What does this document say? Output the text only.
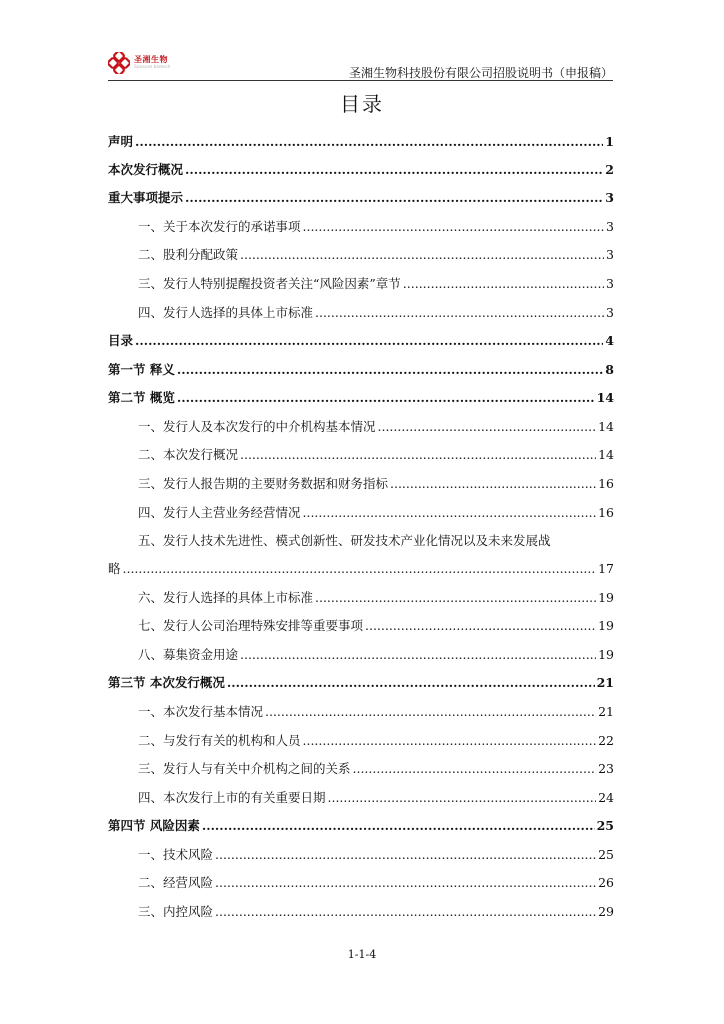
圣湘生物
Sansure biotech	圣湘生物科技股份有限公司招股说明书（申报稿）
目录
声明 .....	1
本次发行概况 .....	2
重大事项提示 .....	3
一、关于本次发行的承诺事项 .....	3
二、股利分配政策 .....	3
三、发行人特别提醒投资者关注“风险因素”章节 .....	3
四、发行人选择的具体上市标准 .....	3
目录 .....	4
第一节 释义 .....	8
第二节 概览 .....	14
一、发行人及本次发行的中介机构基本情况 .....	14
二、本次发行概况 .....	14
三、发行人报告期的主要财务数据和财务指标 .....	16
四、发行人主营业务经营情况 .....	16
五、发行人技术先进性、模式创新性、研发技术产业化情况以及未来发展战
略 .....	17
六、发行人选择的具体上市标准 .....	19
七、发行人公司治理特殊安排等重要事项 .....	19
八、募集资金用途 .....	19
第三节 本次发行概况 .....	21
一、本次发行基本情况 .....	21
二、与发行有关的机构和人员 .....	22
三、发行人与有关中介机构之间的关系 .....	23
四、本次发行上市的有关重要日期 .....	24
第四节 风险因素 .....	25
一、技术风险 .....	25
二、经营风险 .....	26
三、内控风险 .....	29
1-1-4
